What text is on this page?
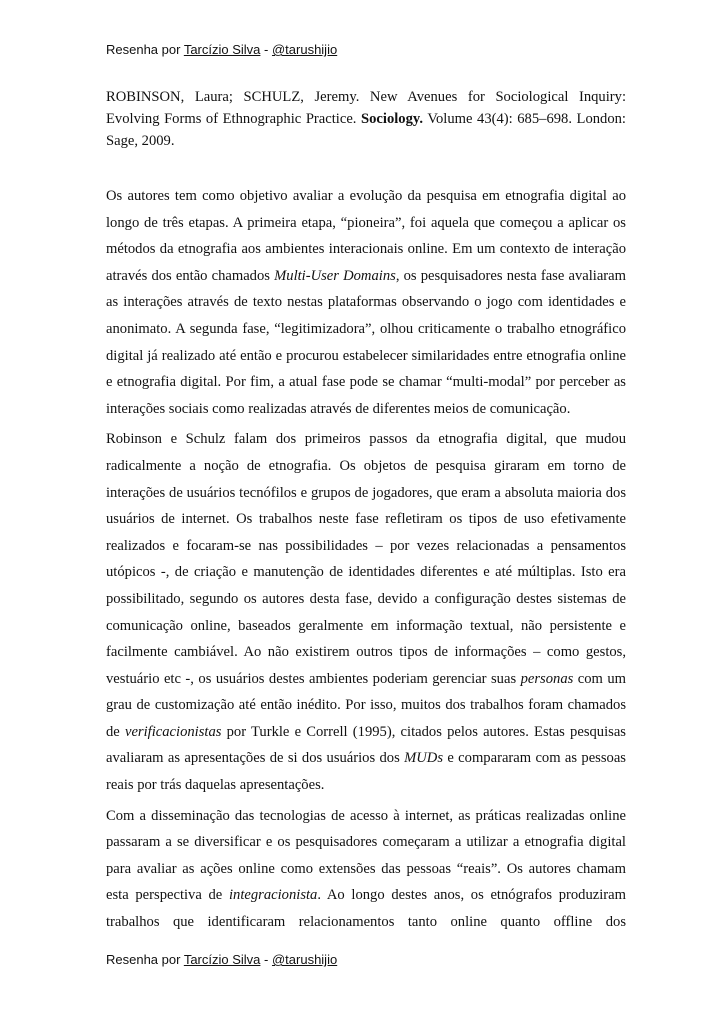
Resenha por Tarcízio Silva - @tarushijio

ROBINSON, Laura; SCHULZ, Jeremy. New Avenues for Sociological Inquiry: Evolving Forms of Ethnographic Practice. Sociology. Volume 43(4): 685–698. London: Sage, 2009.

Os autores tem como objetivo avaliar a evolução da pesquisa em etnografia digital ao longo de três etapas. A primeira etapa, “pioneira”, foi aquela que começou a aplicar os métodos da etnografia aos ambientes interacionais online. Em um contexto de interação através dos então chamados Multi-User Domains, os pesquisadores nesta fase avaliaram as interações através de texto nestas plataformas observando o jogo com identidades e anonimato. A segunda fase, “legitimizadora”, olhou criticamente o trabalho etnográfico digital já realizado até então e procurou estabelecer similaridades entre etnografia online e etnografia digital. Por fim, a atual fase pode se chamar “multi-modal” por perceber as interações sociais como realizadas através de diferentes meios de comunicação.

Robinson e Schulz falam dos primeiros passos da etnografia digital, que mudou radicalmente a noção de etnografia. Os objetos de pesquisa giraram em torno de interações de usuários tecnófilos e grupos de jogadores, que eram a absoluta maioria dos usuários de internet. Os trabalhos neste fase refletiram os tipos de uso efetivamente realizados e focaram-se nas possibilidades – por vezes relacionadas a pensamentos utópicos -, de criação e manutenção de identidades diferentes e até múltiplas. Isto era possibilitado, segundo os autores desta fase, devido a configuração destes sistemas de comunicação online, baseados geralmente em informação textual, não persistente e facilmente cambiável. Ao não existirem outros tipos de informações – como gestos, vestuário etc -, os usuários destes ambientes poderiam gerenciar suas personas com um grau de customização até então inédito. Por isso, muitos dos trabalhos foram chamados de verificacionistas por Turkle e Correll (1995), citados pelos autores. Estas pesquisas avaliaram as apresentações de si dos usuários dos MUDs e compararam com as pessoas reais por trás daquelas apresentações.

Com a disseminação das tecnologias de acesso à internet, as práticas realizadas online passaram a se diversificar e os pesquisadores começaram a utilizar a etnografia digital para avaliar as ações online como extensões das pessoas “reais”. Os autores chamam esta perspectiva de integracionista. Ao longo destes anos, os etnógrafos produziram trabalhos que identificaram relacionamentos tanto online quanto offline dos

Resenha por Tarcízio Silva - @tarushijio
